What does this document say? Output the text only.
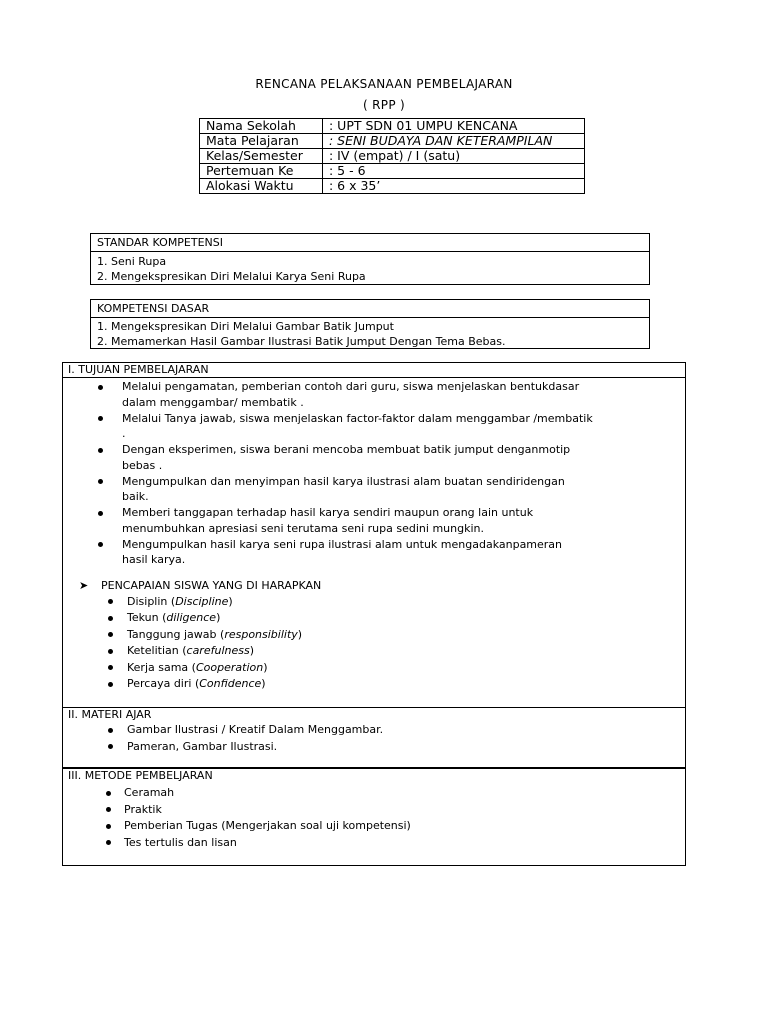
RENCANA PELAKSANAAN PEMBELAJARAN
( RPP )
Nama Sekolah	: UPT SDN 01 UMPU KENCANA
Mata Pelajaran	: SENI BUDAYA DAN KETERAMPILAN
Kelas/Semester	: IV (empat) / I (satu)
Pertemuan Ke	: 5 - 6
Alokasi Waktu	: 6 x 35’
STANDAR KOMPETENSI
1. Seni Rupa
2. Mengekspresikan Diri Melalui Karya Seni Rupa
KOMPETENSI DASAR
1. Mengekspresikan Diri Melalui Gambar Batik Jumput
2. Memamerkan Hasil Gambar Ilustrasi Batik Jumput Dengan Tema Bebas.
I. TUJUAN PEMBELAJARAN
Melalui pengamatan, pemberian contoh dari guru, siswa menjelaskan bentukdasar
dalam menggambar/ membatik .
Melalui Tanya jawab, siswa menjelaskan factor-faktor dalam menggambar /membatik
.
Dengan eksperimen, siswa berani mencoba membuat batik jumput denganmotip
bebas .
Mengumpulkan dan menyimpan hasil karya ilustrasi alam buatan sendiridengan
baik.
Memberi tanggapan terhadap hasil karya sendiri maupun orang lain untuk
menumbuhkan apresiasi seni terutama seni rupa sedini mungkin.
Mengumpulkan hasil karya seni rupa ilustrasi alam untuk mengadakanpameran
hasil karya.
➤ PENCAPAIAN SISWA YANG DI HARAPKAN
Disiplin (Discipline)
Tekun (diligence)
Tanggung jawab (responsibility)
Ketelitian (carefulness)
Kerja sama (Cooperation)
Percaya diri (Confidence)
II. MATERI AJAR
Gambar Ilustrasi / Kreatif Dalam Menggambar.
Pameran, Gambar Ilustrasi.
III. METODE PEMBELJARAN
Ceramah
Praktik
Pemberian Tugas (Mengerjakan soal uji kompetensi)
Tes tertulis dan lisan
